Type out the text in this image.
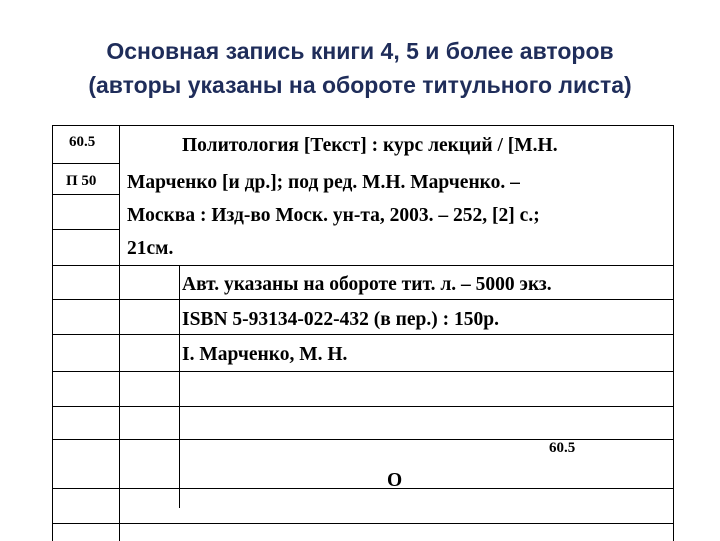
Основная запись книги 4, 5 и более авторов
(авторы указаны на обороте титульного листа)
60.5
П 50
Политология [Текст] : курс лекций / [М.Н.
Марченко [и др.]; под ред. М.Н. Марченко. –
Москва : Изд-во Моск. ун-та, 2003. – 252, [2] с.;
21см.
Авт. указаны на обороте тит. л. – 5000 экз.
ISBN 5-93134-022-432 (в пер.) : 150р.
I. Марченко, М. Н.
60.5
О
